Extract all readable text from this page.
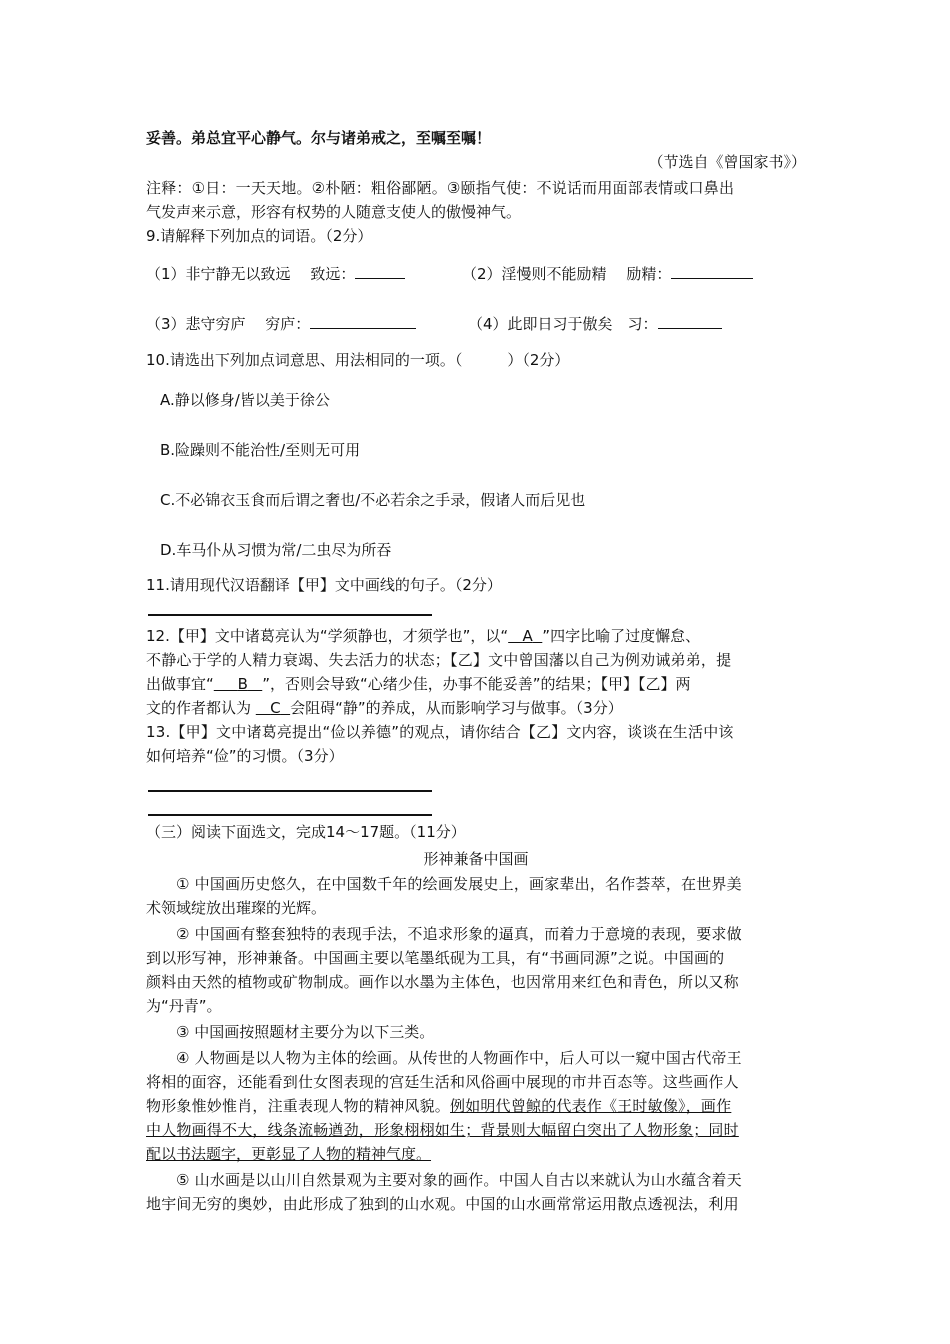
妥善。弟总宜平心静气。尔与诸弟戒之，至嘱至嘱！
（节选自《曾国家书》）
注释：①日：一天天地。②朴陋：粗俗鄙陋。③颐指气使：不说话而用面部表情或口鼻出
气发声来示意，形容有权势的人随意支使人的傲慢神气。
9.请解释下列加点的词语。（2分）
（1）非宁静无以致远　 致远：	（2）淫慢则不能励精　 励精：
（3）悲守穷庐　 穷庐：	（4）此即日习于傲矣　习：
10.请选出下列加点词意思、用法相同的一项。（　　　）（2分）
A.静以修身/皆以美于徐公
B.险躁则不能治性/至则无可用
C.不必锦衣玉食而后谓之奢也/不必若余之手录，假诸人而后见也
D.车马仆从习惯为常/二虫尽为所吞
11.请用现代汉语翻译【甲】文中画线的句子。（2分）
12.【甲】文中诸葛亮认为“学须静也，才须学也”，以“ A ”四字比喻了过度懈怠、
不静心于学的人精力衰竭、失去活力的状态；【乙】文中曾国藩以自己为例劝诫弟弟，提
出做事宜“ B ”，否则会导致“心绪少佳，办事不能妥善”的结果；【甲】【乙】两
文的作者都认为    C 会阻碍“静”的养成，从而影响学习与做事。（3分）
13.【甲】文中诸葛亮提出“俭以养德”的观点，请你结合【乙】文内容，谈谈在生活中该
如何培养“俭”的习惯。（3分）
（三）阅读下面选文，完成14～17题。（11分）
形神兼备中国画
① 中国画历史悠久，在中国数千年的绘画发展史上，画家辈出，名作荟萃，在世界美
术领域绽放出璀璨的光辉。
② 中国画有整套独特的表现手法，不追求形象的逼真，而着力于意境的表现，要求做
到以形写神，形神兼备。中国画主要以笔墨纸砚为工具，有“书画同源”之说。中国画的
颜料由天然的植物或矿物制成。画作以水墨为主体色，也因常用来红色和青色，所以又称
为“丹青”。
③ 中国画按照题材主要分为以下三类。
④ 人物画是以人物为主体的绘画。从传世的人物画作中，后人可以一窥中国古代帝王
将相的面容，还能看到仕女图表现的宫廷生活和风俗画中展现的市井百态等。这些画作人
物形象惟妙惟肖，注重表现人物的精神风貌。例如明代曾鲸的代表作《王时敏像》，画作
中人物画得不大，线条流畅遒劲，形象栩栩如生；背景则大幅留白突出了人物形象；同时
配以书法题字，更彰显了人物的精神气度。
⑤ 山水画是以山川自然景观为主要对象的画作。中国人自古以来就认为山水蕴含着天
地宇间无穷的奥妙，由此形成了独到的山水观。中国的山水画常常运用散点透视法，利用
